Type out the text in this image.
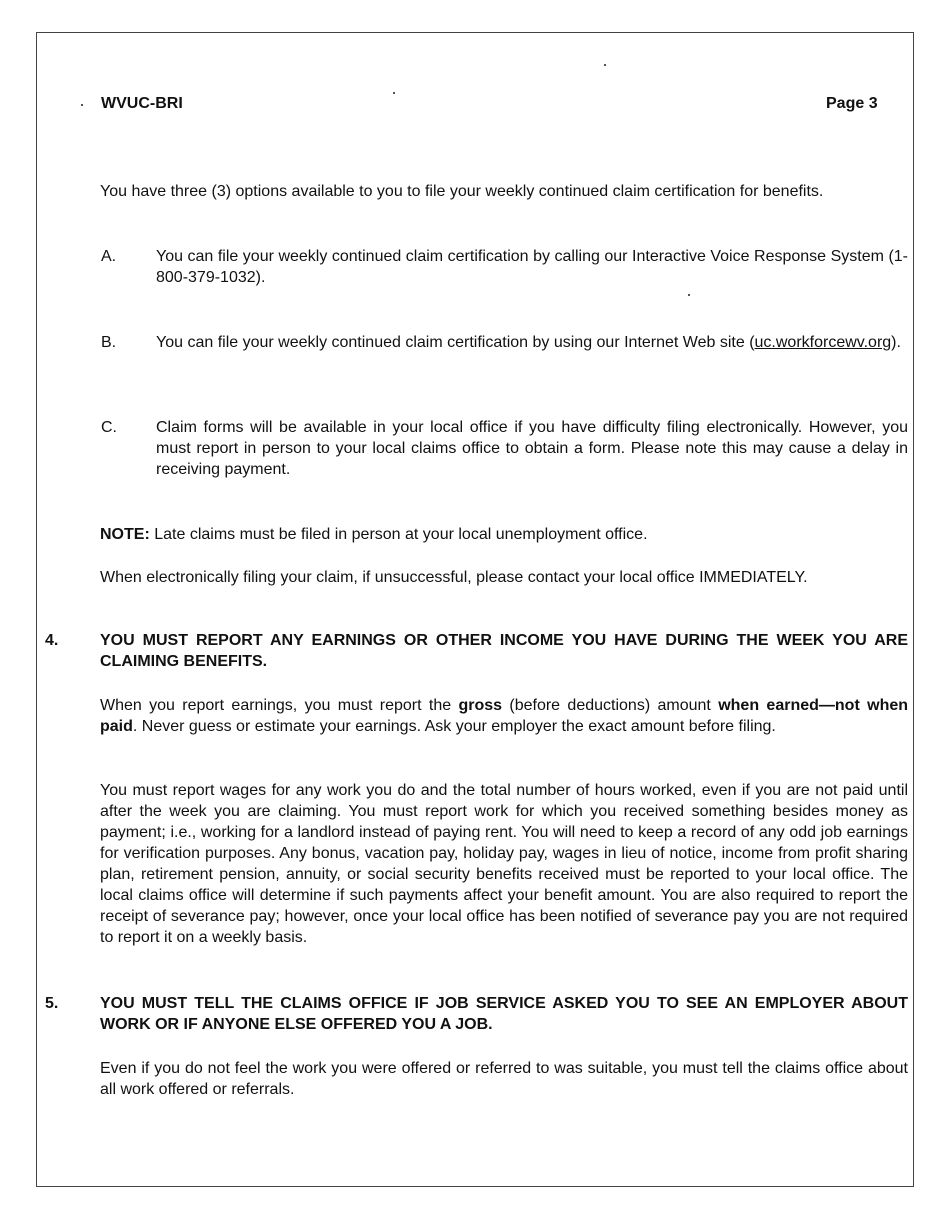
WVUC-BRI	Page 3

You have three (3) options available to you to file your weekly continued claim certification for benefits.

A. You can file your weekly continued claim certification by calling our Interactive Voice Response System (1-800-379-1032).

B. You can file your weekly continued claim certification by using our Internet Web site (uc.workforcewv.org).

C. Claim forms will be available in your local office if you have difficulty filing electronically. However, you must report in person to your local claims office to obtain a form. Please note this may cause a delay in receiving payment.

NOTE: Late claims must be filed in person at your local unemployment office.

When electronically filing your claim, if unsuccessful, please contact your local office IMMEDIATELY.

4.	YOU MUST REPORT ANY EARNINGS OR OTHER INCOME YOU HAVE DURING THE WEEK YOU ARE CLAIMING BENEFITS.

When you report earnings, you must report the gross (before deductions) amount when earned—not when paid. Never guess or estimate your earnings. Ask your employer the exact amount before filing.

You must report wages for any work you do and the total number of hours worked, even if you are not paid until after the week you are claiming. You must report work for which you received something besides money as payment; i.e., working for a landlord instead of paying rent. You will need to keep a record of any odd job earnings for verification purposes. Any bonus, vacation pay, holiday pay, wages in lieu of notice, income from profit sharing plan, retirement pension, annuity, or social security benefits received must be reported to your local office. The local claims office will determine if such payments affect your benefit amount. You are also required to report the receipt of severance pay; however, once your local office has been notified of severance pay you are not required to report it on a weekly basis.

5.	YOU MUST TELL THE CLAIMS OFFICE IF JOB SERVICE ASKED YOU TO SEE AN EMPLOYER ABOUT WORK OR IF ANYONE ELSE OFFERED YOU A JOB.

Even if you do not feel the work you were offered or referred to was suitable, you must tell the claims office about all work offered or referrals.
